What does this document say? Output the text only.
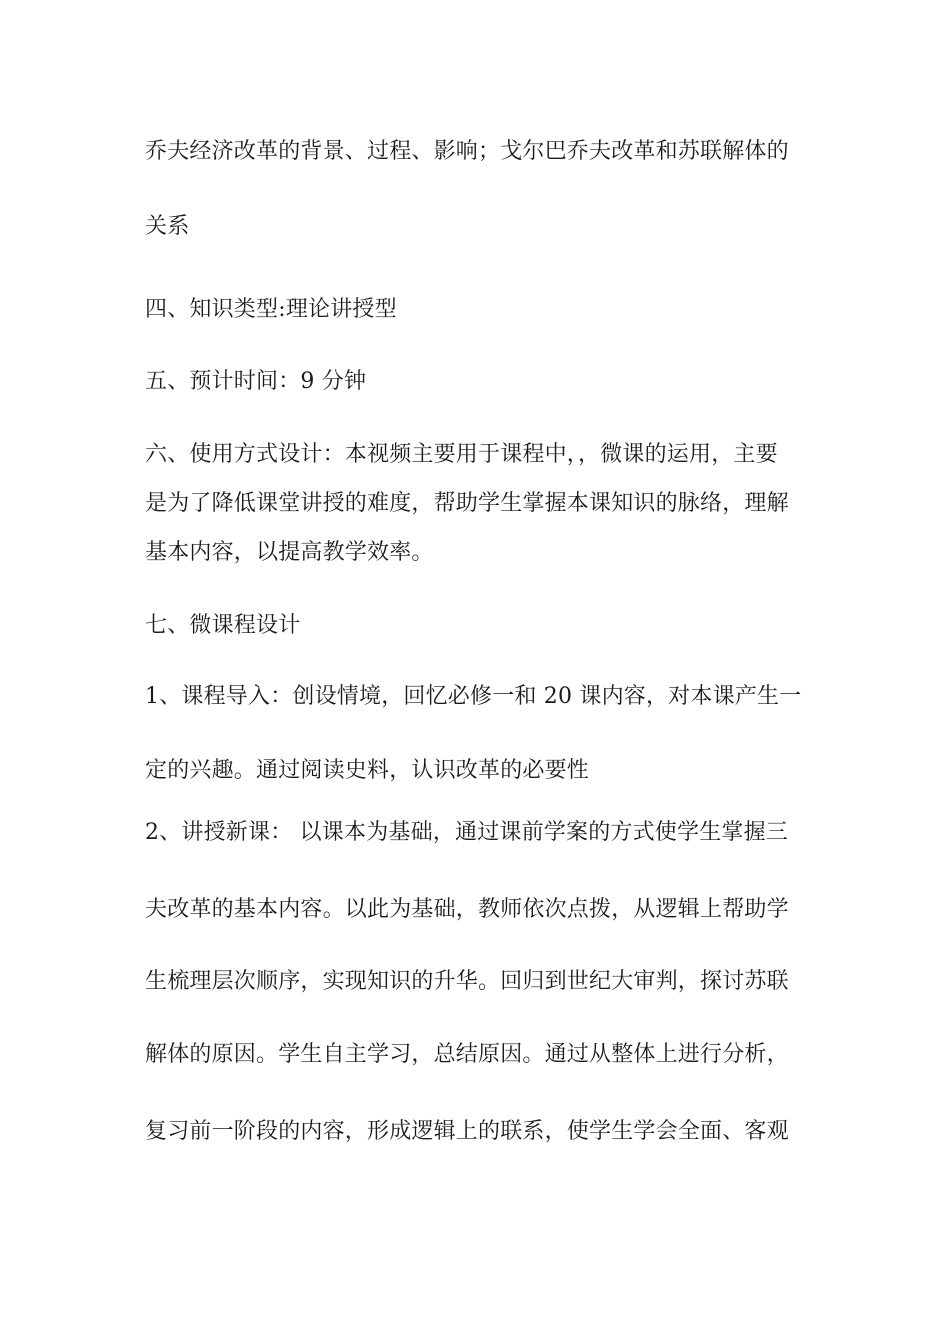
乔夫经济改革的背景、过程、影响；戈尔巴乔夫改革和苏联解体的
关系
四、知识类型:理论讲授型
五、预计时间：9 分钟
六、使用方式设计：本视频主要用于课程中，，微课的运用，主要
是为了降低课堂讲授的难度，帮助学生掌握本课知识的脉络，理解
基本内容，以提高教学效率。
七、微课程设计
1、课程导入：创设情境，回忆必修一和 20 课内容，对本课产生一
定的兴趣。通过阅读史料，认识改革的必要性
2、讲授新课： 以课本为基础，通过课前学案的方式使学生掌握三
夫改革的基本内容。以此为基础，教师依次点拨，从逻辑上帮助学
生梳理层次顺序，实现知识的升华。回归到世纪大审判，探讨苏联
解体的原因。学生自主学习，总结原因。通过从整体上进行分析，
复习前一阶段的内容，形成逻辑上的联系，使学生学会全面、客观
